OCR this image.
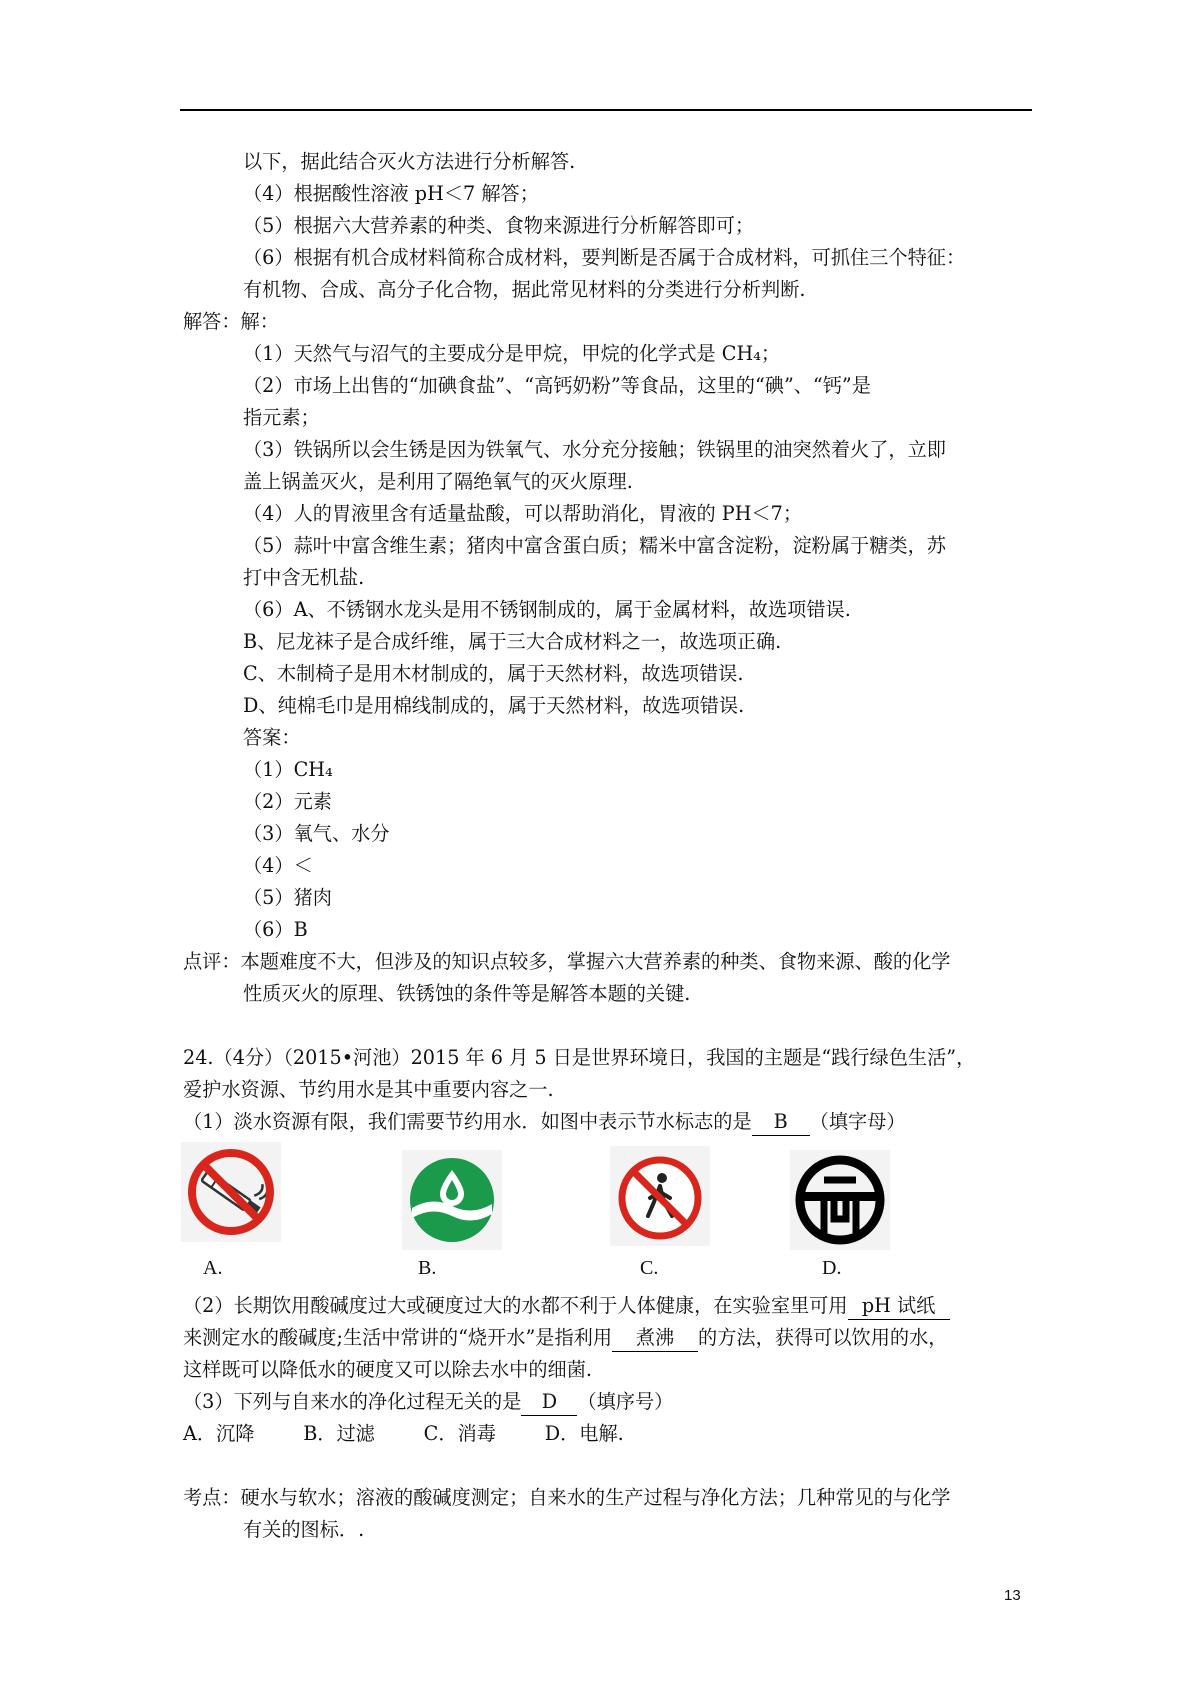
以下，据此结合灭火方法进行分析解答.
（4）根据酸性溶液 pH＜7 解答；
（5）根据六大营养素的种类、食物来源进行分析解答即可；
（6）根据有机合成材料简称合成材料，要判断是否属于合成材料，可抓住三个特征：
有机物、合成、高分子化合物，据此常见材料的分类进行分析判断.
解答：解：
（1）天然气与沼气的主要成分是甲烷，甲烷的化学式是 CH₄；
（2）市场上出售的“加碘食盐”、“高钙奶粉”等食品，这里的“碘”、“钙”是
指元素；
（3）铁锅所以会生锈是因为铁氧气、水分充分接触；铁锅里的油突然着火了，立即
盖上锅盖灭火，是利用了隔绝氧气的灭火原理.
（4）人的胃液里含有适量盐酸，可以帮助消化，胃液的 PH＜7；
（5）蒜叶中富含维生素；猪肉中富含蛋白质；糯米中富含淀粉，淀粉属于糖类，苏
打中含无机盐.
（6）A、不锈钢水龙头是用不锈钢制成的，属于金属材料，故选项错误.
B、尼龙袜子是合成纤维，属于三大合成材料之一，故选项正确.
C、木制椅子是用木材制成的，属于天然材料，故选项错误.
D、纯棉毛巾是用棉线制成的，属于天然材料，故选项错误.
答案：
（1）CH₄
（2）元素
（3）氧气、水分
（4）＜
（5）猪肉
（6）B
点评：本题难度不大，但涉及的知识点较多，掌握六大营养素的种类、食物来源、酸的化学
性质灭火的原理、铁锈蚀的条件等是解答本题的关键.
24.（4分）（2015•河池）2015 年 6 月 5 日是世界环境日，我国的主题是“践行绿色生活”，
爱护水资源、节约用水是其中重要内容之一.
（1）淡水资源有限，我们需要节约用水．如图中表示节水标志的是 B （填字母）
A.	B.	C.	D.
（2）长期饮用酸碱度过大或硬度过大的水都不利于人体健康，在实验室里可用 pH 试纸
来测定水的酸碱度;生活中常讲的“烧开水”是指利用 煮沸 的方法，获得可以饮用的水，
这样既可以降低水的硬度又可以除去水中的细菌.
（3）下列与自来水的净化过程无关的是 D （填序号）
A．沉降        B．过滤        C．消毒        D．电解.
考点：硬水与软水；溶液的酸碱度测定；自来水的生产过程与净化方法；几种常见的与化学
有关的图标．.
13
